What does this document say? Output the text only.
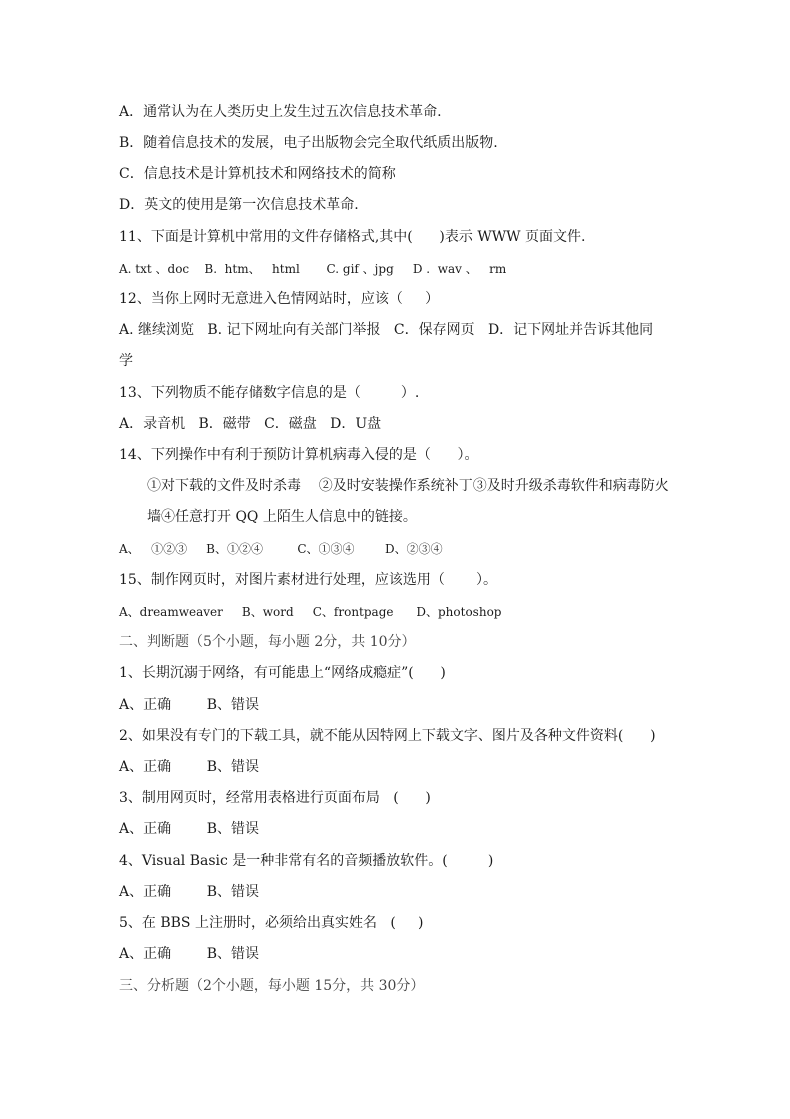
A．通常认为在人类历史上发生过五次信息技术革命.
B．随着信息技术的发展，电子出版物会完全取代纸质出版物.
C．信息技术是计算机技术和网络技术的简称
D．英文的使用是第一次信息技术革命.
11、下面是计算机中常用的文件存储格式,其中(      )表示 WWW 页面文件.
A. txt 、doc    B.  htm、   html       C. gif 、jpg     D .  wav 、   rm
12、当你上网时无意进入色情网站时，应该（     ）
A. 继续浏览   B. 记下网址向有关部门举报   C．保存网页   D．记下网址并告诉其他同
学
13、下列物质不能存储数字信息的是（         ）.
A．录音机   B．磁带   C．磁盘   D．U盘
14、下列操作中有利于预防计算机病毒入侵的是（      ）。
①对下载的文件及时杀毒    ②及时安装操作系统补丁③及时升级杀毒软件和病毒防火
墙④任意打开 QQ 上陌生人信息中的链接。
A、   ①②③     B、①②④         C、①③④        D、②③④
15、制作网页时，对图片素材进行处理，应该选用（       ）。
A、dreamweaver     B、word     C、frontpage      D、photoshop
二、判断题（5个小题，每小题 2分，共 10分）
1、长期沉溺于网络，有可能患上“网络成瘾症”(      )
A、正确        B、错误
2、如果没有专门的下载工具，就不能从因特网上下载文字、图片及各种文件资料(      )
A、正确        B、错误
3、制用网页时，经常用表格进行页面布局   (      )
A、正确        B、错误
4、Visual Basic 是一种非常有名的音频播放软件。(         )
A、正确        B、错误
5、在 BBS 上注册时，必须给出真实姓名   (     )
A、正确        B、错误
三、分析题（2个小题，每小题 15分，共 30分）
